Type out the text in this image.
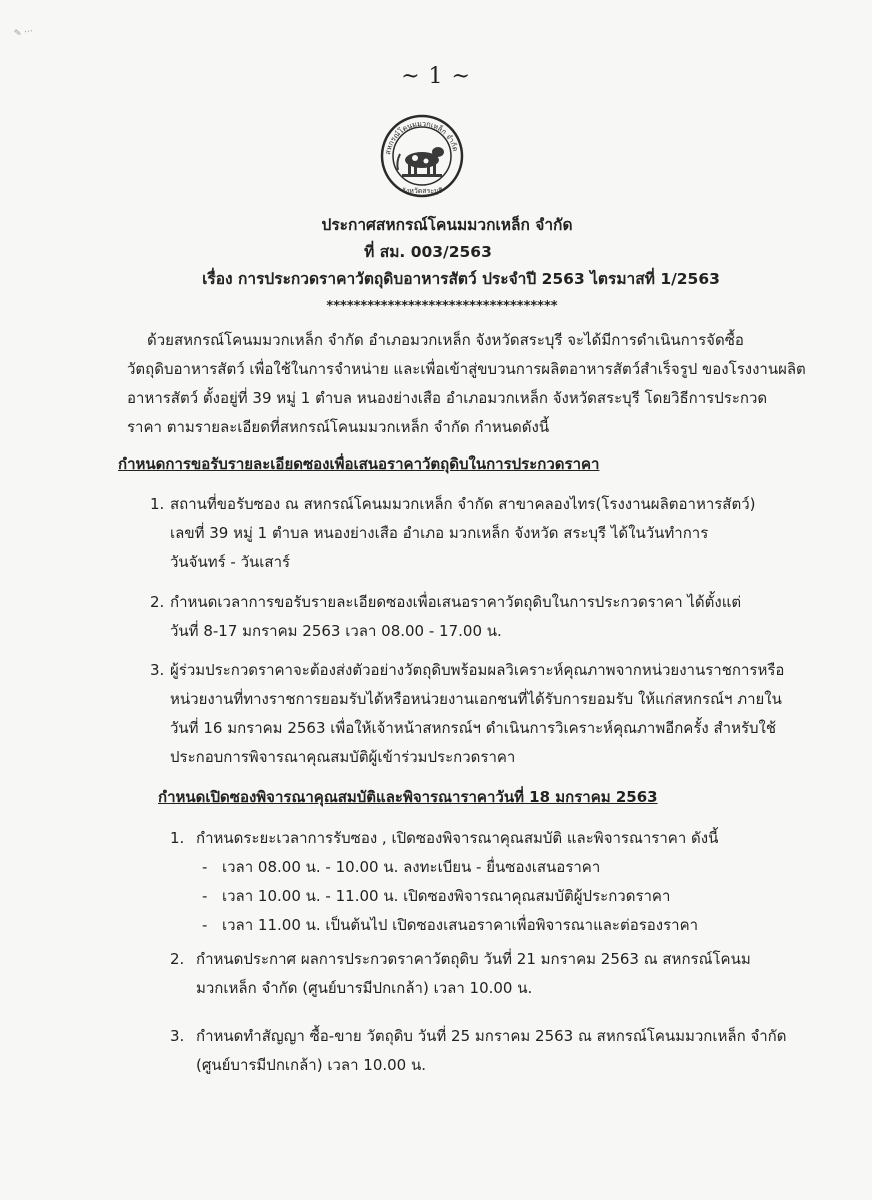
✎ ···
~ 1 ~
สหกรณ์โคนมมวกเหล็ก จำกัด
จังหวัดสระบุรี
ประกาศสหกรณ์โคนมมวกเหล็ก จำกัด
ที่ สม. 003/2563
เรื่อง การประกวดราคาวัตถุดิบอาหารสัตว์ ประจำปี 2563 ไตรมาสที่ 1/2563
**********************************
ด้วยสหกรณ์โคนมมวกเหล็ก จำกัด อำเภอมวกเหล็ก จังหวัดสระบุรี จะได้มีการดำเนินการจัดซื้อ
วัตถุดิบอาหารสัตว์ เพื่อใช้ในการจำหน่าย และเพื่อเข้าสู่ขบวนการผลิตอาหารสัตว์สำเร็จรูป ของโรงงานผลิต
อาหารสัตว์ ตั้งอยู่ที่ 39 หมู่ 1 ตำบล หนองย่างเสือ อำเภอมวกเหล็ก จังหวัดสระบุรี โดยวิธีการประกวด
ราคา ตามรายละเอียดที่สหกรณ์โคนมมวกเหล็ก จำกัด กำหนดดังนี้
กำหนดการขอรับรายละเอียดซองเพื่อเสนอราคาวัตถุดิบในการประกวดราคา
1. สถานที่ขอรับซอง ณ สหกรณ์โคนมมวกเหล็ก จำกัด สาขาคลองไทร(โรงงานผลิตอาหารสัตว์)
เลขที่ 39 หมู่ 1 ตำบล หนองย่างเสือ อำเภอ มวกเหล็ก จังหวัด สระบุรี ได้ในวันทำการ
วันจันทร์ - วันเสาร์
2. กำหนดเวลาการขอรับรายละเอียดซองเพื่อเสนอราคาวัตถุดิบในการประกวดราคา ได้ตั้งแต่
วันที่ 8-17 มกราคม 2563 เวลา 08.00 - 17.00 น.
3. ผู้ร่วมประกวดราคาจะต้องส่งตัวอย่างวัตถุดิบพร้อมผลวิเคราะห์คุณภาพจากหน่วยงานราชการหรือ
หน่วยงานที่ทางราชการยอมรับได้หรือหน่วยงานเอกชนที่ได้รับการยอมรับ ให้แก่สหกรณ์ฯ ภายใน
วันที่ 16 มกราคม 2563 เพื่อให้เจ้าหน้าสหกรณ์ฯ ดำเนินการวิเคราะห์คุณภาพอีกครั้ง สำหรับใช้
ประกอบการพิจารณาคุณสมบัติผู้เข้าร่วมประกวดราคา
กำหนดเปิดซองพิจารณาคุณสมบัติและพิจารณาราคาวันที่ 18 มกราคม 2563
1. กำหนดระยะเวลาการรับซอง , เปิดซองพิจารณาคุณสมบัติ และพิจารณาราคา ดังนี้
- เวลา 08.00 น. - 10.00 น. ลงทะเบียน - ยื่นซองเสนอราคา
- เวลา 10.00 น. - 11.00 น. เปิดซองพิจารณาคุณสมบัติผู้ประกวดราคา
- เวลา 11.00 น. เป็นต้นไป เปิดซองเสนอราคาเพื่อพิจารณาและต่อรองราคา
2. กำหนดประกาศ ผลการประกวดราคาวัตถุดิบ วันที่ 21 มกราคม 2563 ณ สหกรณ์โคนม
มวกเหล็ก จำกัด (ศูนย์บารมีปกเกล้า) เวลา 10.00 น.
3. กำหนดทำสัญญา ซื้อ-ขาย วัตถุดิบ วันที่ 25 มกราคม 2563 ณ สหกรณ์โคนมมวกเหล็ก จำกัด
(ศูนย์บารมีปกเกล้า) เวลา 10.00 น.
